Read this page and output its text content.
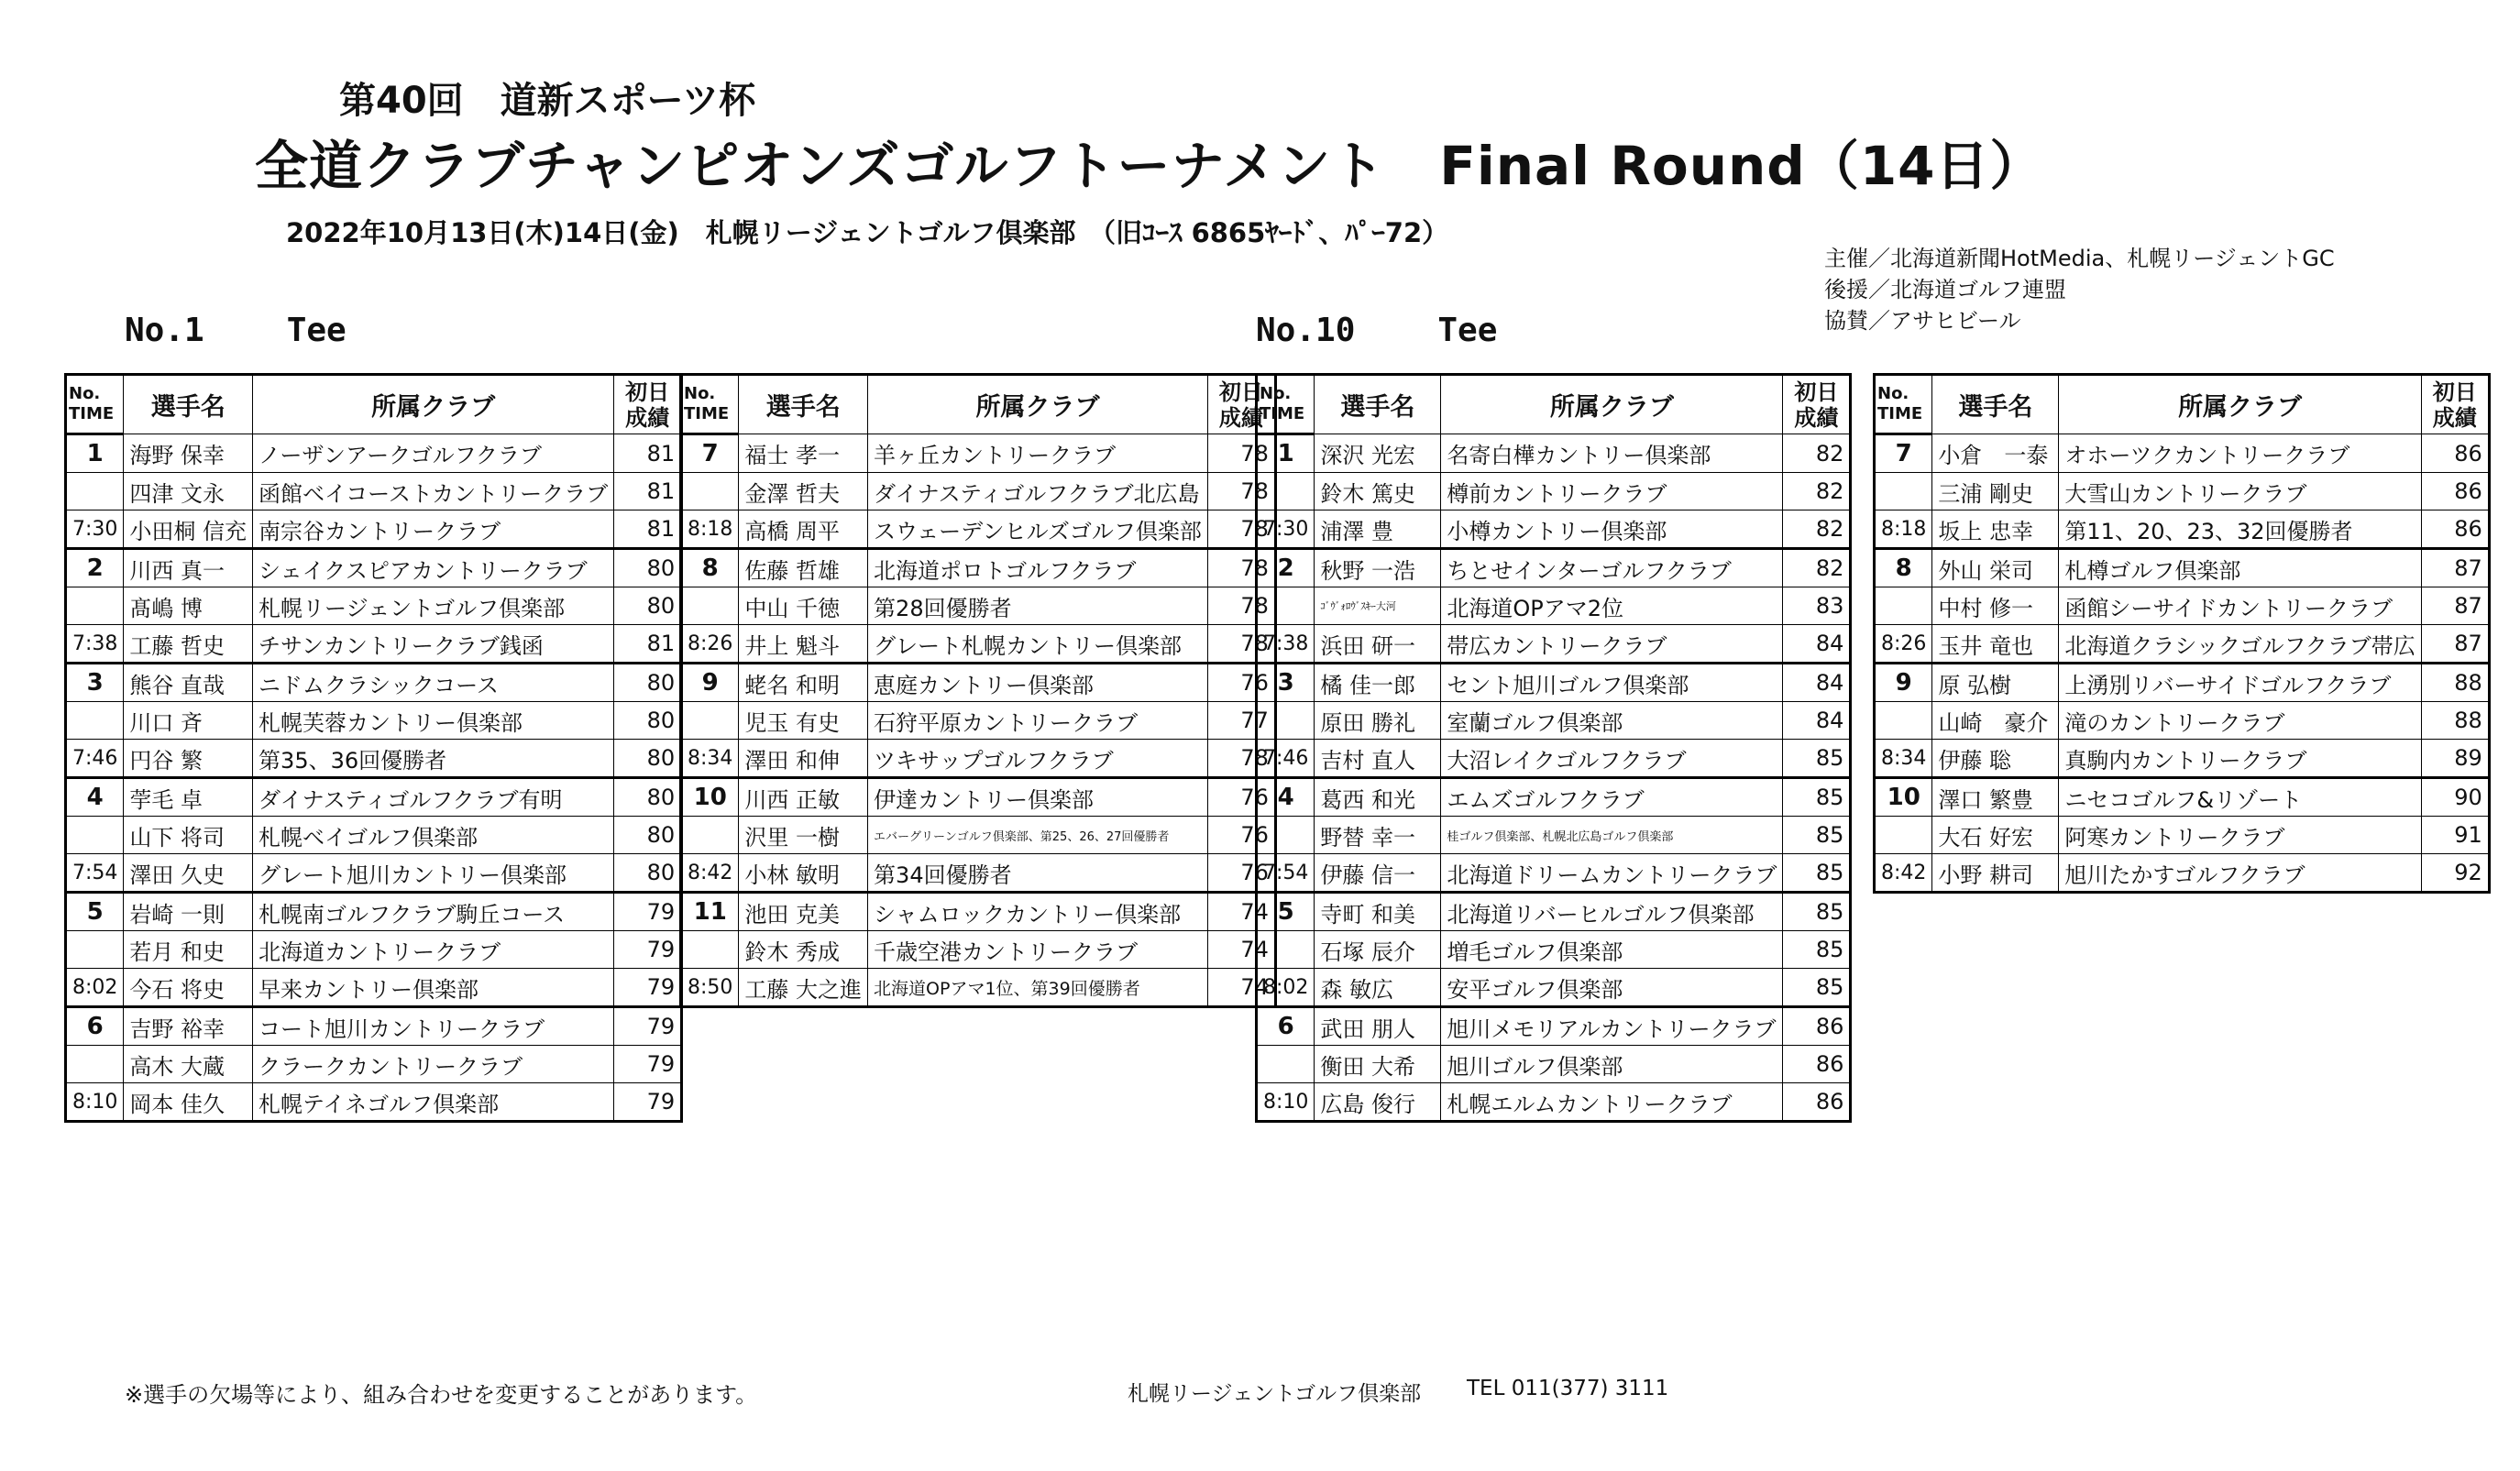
第40回　道新スポーツ杯
全道クラブチャンピオンズゴルフトーナメント　Final Round（14日）
2022年10月13日(木)14日(金)　札幌リージェントゴルフ倶楽部　（旧ｺｰｽ 6865ﾔｰﾄﾞ、ﾊﾟｰ72）
主催／北海道新聞HotMedia、札幌リージェントGC
後援／北海道ゴルフ連盟
協賛／アサヒビール
No.1	Tee	No.10	Tee
No.
TIME	選手名	所属クラブ	初日
成績
1	海野 保幸	ノーザンアークゴルフクラブ	81
	四津 文永	函館ベイコーストカントリークラブ	81
7:30	小田桐 信充	南宗谷カントリークラブ	81
2	川西 真一	シェイクスピアカントリークラブ	80
	髙嶋 博	札幌リージェントゴルフ倶楽部	80
7:38	工藤 哲史	チサンカントリークラブ銭函	81
3	熊谷 直哉	ニドムクラシックコース	80
	川口 斉	札幌芙蓉カントリー倶楽部	80
7:46	円谷 繁	第35、36回優勝者	80
4	荢毛 卓	ダイナスティゴルフクラブ有明	80
	山下 将司	札幌ベイゴルフ倶楽部	80
7:54	澤田 久史	グレート旭川カントリー倶楽部	80
5	岩崎 一則	札幌南ゴルフクラブ駒丘コース	79
	若月 和史	北海道カントリークラブ	79
8:02	今石 将史	早来カントリー倶楽部	79
6	吉野 裕幸	コート旭川カントリークラブ	79
	高木 大蔵	クラークカントリークラブ	79
8:10	岡本 佳久	札幌テイネゴルフ倶楽部	79
No.
TIME	選手名	所属クラブ	初日
成績
7	福士 孝一	羊ヶ丘カントリークラブ	78
	金澤 哲夫	ダイナスティゴルフクラブ北広島	78
8:18	高橋 周平	スウェーデンヒルズゴルフ倶楽部	78
8	佐藤 哲雄	北海道ポロトゴルフクラブ	78
	中山 千徳	第28回優勝者	78
8:26	井上 魁斗	グレート札幌カントリー倶楽部	78
9	蛯名 和明	恵庭カントリー倶楽部	76
	児玉 有史	石狩平原カントリークラブ	77
8:34	澤田 和伸	ツキサップゴルフクラブ	78
10	川西 正敏	伊達カントリー倶楽部	76
	沢里 一樹	エバーグリーンゴルフ倶楽部、第25、26、27回優勝者	76
8:42	小林 敏明	第34回優勝者	76
11	池田 克美	シャムロックカントリー倶楽部	74
	鈴木 秀成	千歳空港カントリークラブ	74
8:50	工藤 大之進	北海道OPアマ1位、第39回優勝者	74
No.
TIME	選手名	所属クラブ	初日
成績
1	深沢 光宏	名寄白樺カントリー倶楽部	82
	鈴木 篤史	樽前カントリークラブ	82
7:30	浦澤 豊	小樽カントリー倶楽部	82
2	秋野 一浩	ちとせインターゴルフクラブ	82
	ｺﾞｳﾞｫﾛｳﾞｽｷｰ大河	北海道OPアマ2位	83
7:38	浜田 研一	帯広カントリークラブ	84
3	橘 佳一郎	セント旭川ゴルフ倶楽部	84
	原田 勝礼	室蘭ゴルフ倶楽部	84
7:46	吉村 直人	大沼レイクゴルフクラブ	85
4	葛西 和光	エムズゴルフクラブ	85
	野替 幸一	桂ゴルフ倶楽部、札幌北広島ゴルフ倶楽部	85
7:54	伊藤 信一	北海道ドリームカントリークラブ	85
5	寺町 和美	北海道リバーヒルゴルフ倶楽部	85
	石塚 辰介	増毛ゴルフ倶楽部	85
8:02	森 敏広	安平ゴルフ倶楽部	85
6	武田 朋人	旭川メモリアルカントリークラブ	86
	衡田 大希	旭川ゴルフ倶楽部	86
8:10	広島 俊行	札幌エルムカントリークラブ	86
No.
TIME	選手名	所属クラブ	初日
成績
7	小倉　一泰	オホーツクカントリークラブ	86
	三浦 剛史	大雪山カントリークラブ	86
8:18	坂上 忠幸	第11、20、23、32回優勝者	86
8	外山 栄司	札樽ゴルフ倶楽部	87
	中村 修一	函館シーサイドカントリークラブ	87
8:26	玉井 竜也	北海道クラシックゴルフクラブ帯広	87
9	原 弘樹	上湧別リバーサイドゴルフクラブ	88
	山崎　豪介	滝のカントリークラブ	88
8:34	伊藤 聡	真駒内カントリークラブ	89
10	澤口 繁豊	ニセコゴルフ&リゾート	90
	大石 好宏	阿寒カントリークラブ	91
8:42	小野 耕司	旭川たかすゴルフクラブ	92
※選手の欠場等により、組み合わせを変更することがあります。	札幌リージェントゴルフ倶楽部 TEL 011(377) 3111
